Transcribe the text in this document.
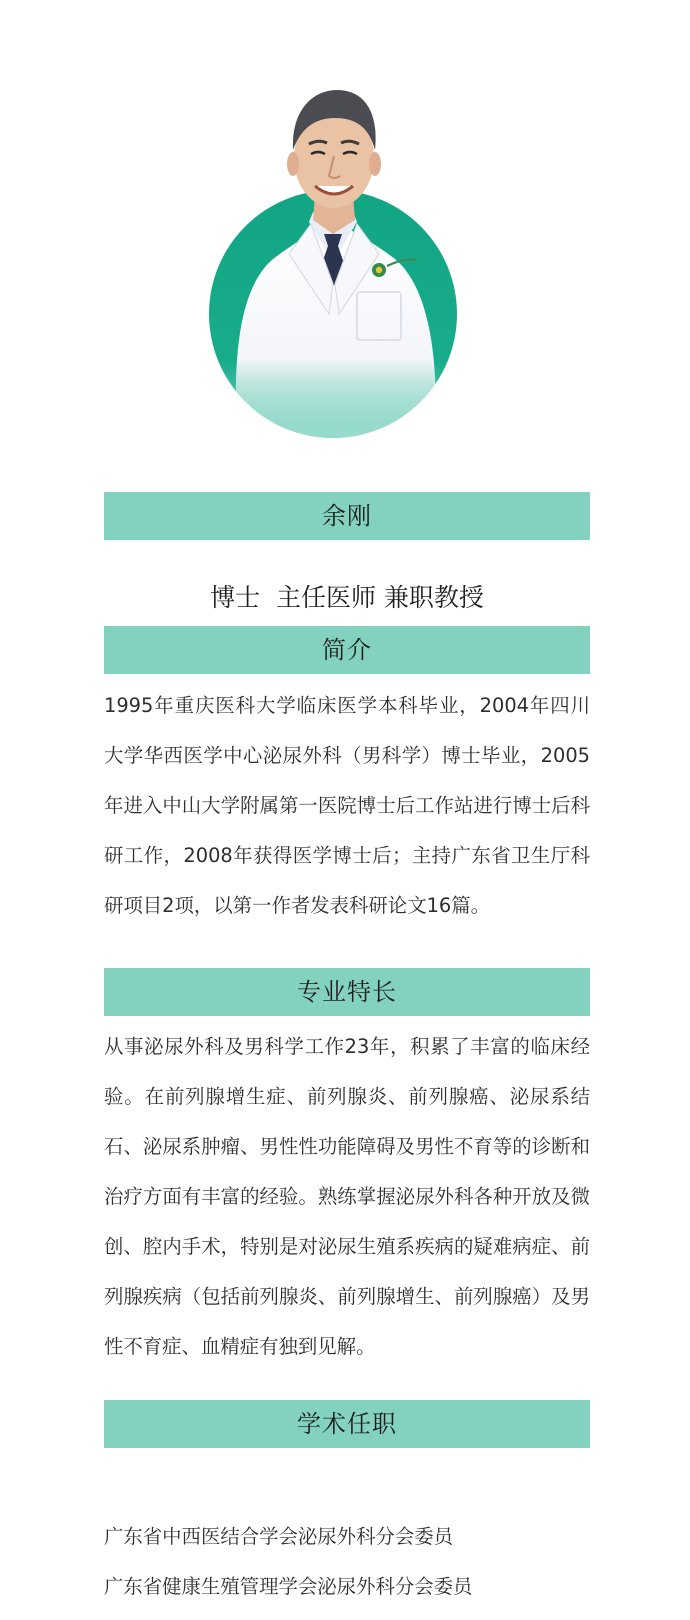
余刚
博士  主任医师 兼职教授
简介

1995年重庆医科大学临床医学本科毕业，2004年四川大学华西医学中心泌尿外科（男科学）博士毕业，2005年进入中山大学附属第一医院博士后工作站进行博士后科研工作，2008年获得医学博士后；主持广东省卫生厅科研项目2项，以第一作者发表科研论文16篇。

专业特长

从事泌尿外科及男科学工作23年，积累了丰富的临床经验。在前列腺增生症、前列腺炎、前列腺癌、泌尿系结石、泌尿系肿瘤、男性性功能障碍及男性不育等的诊断和治疗方面有丰富的经验。熟练掌握泌尿外科各种开放及微创、腔内手术，特别是对泌尿生殖系疾病的疑难病症、前列腺疾病（包括前列腺炎、前列腺增生、前列腺癌）及男性不育症、血精症有独到见解。

学术任职
广东省中西医结合学会泌尿外科分会委员
广东省健康生殖管理学会泌尿外科分会委员
